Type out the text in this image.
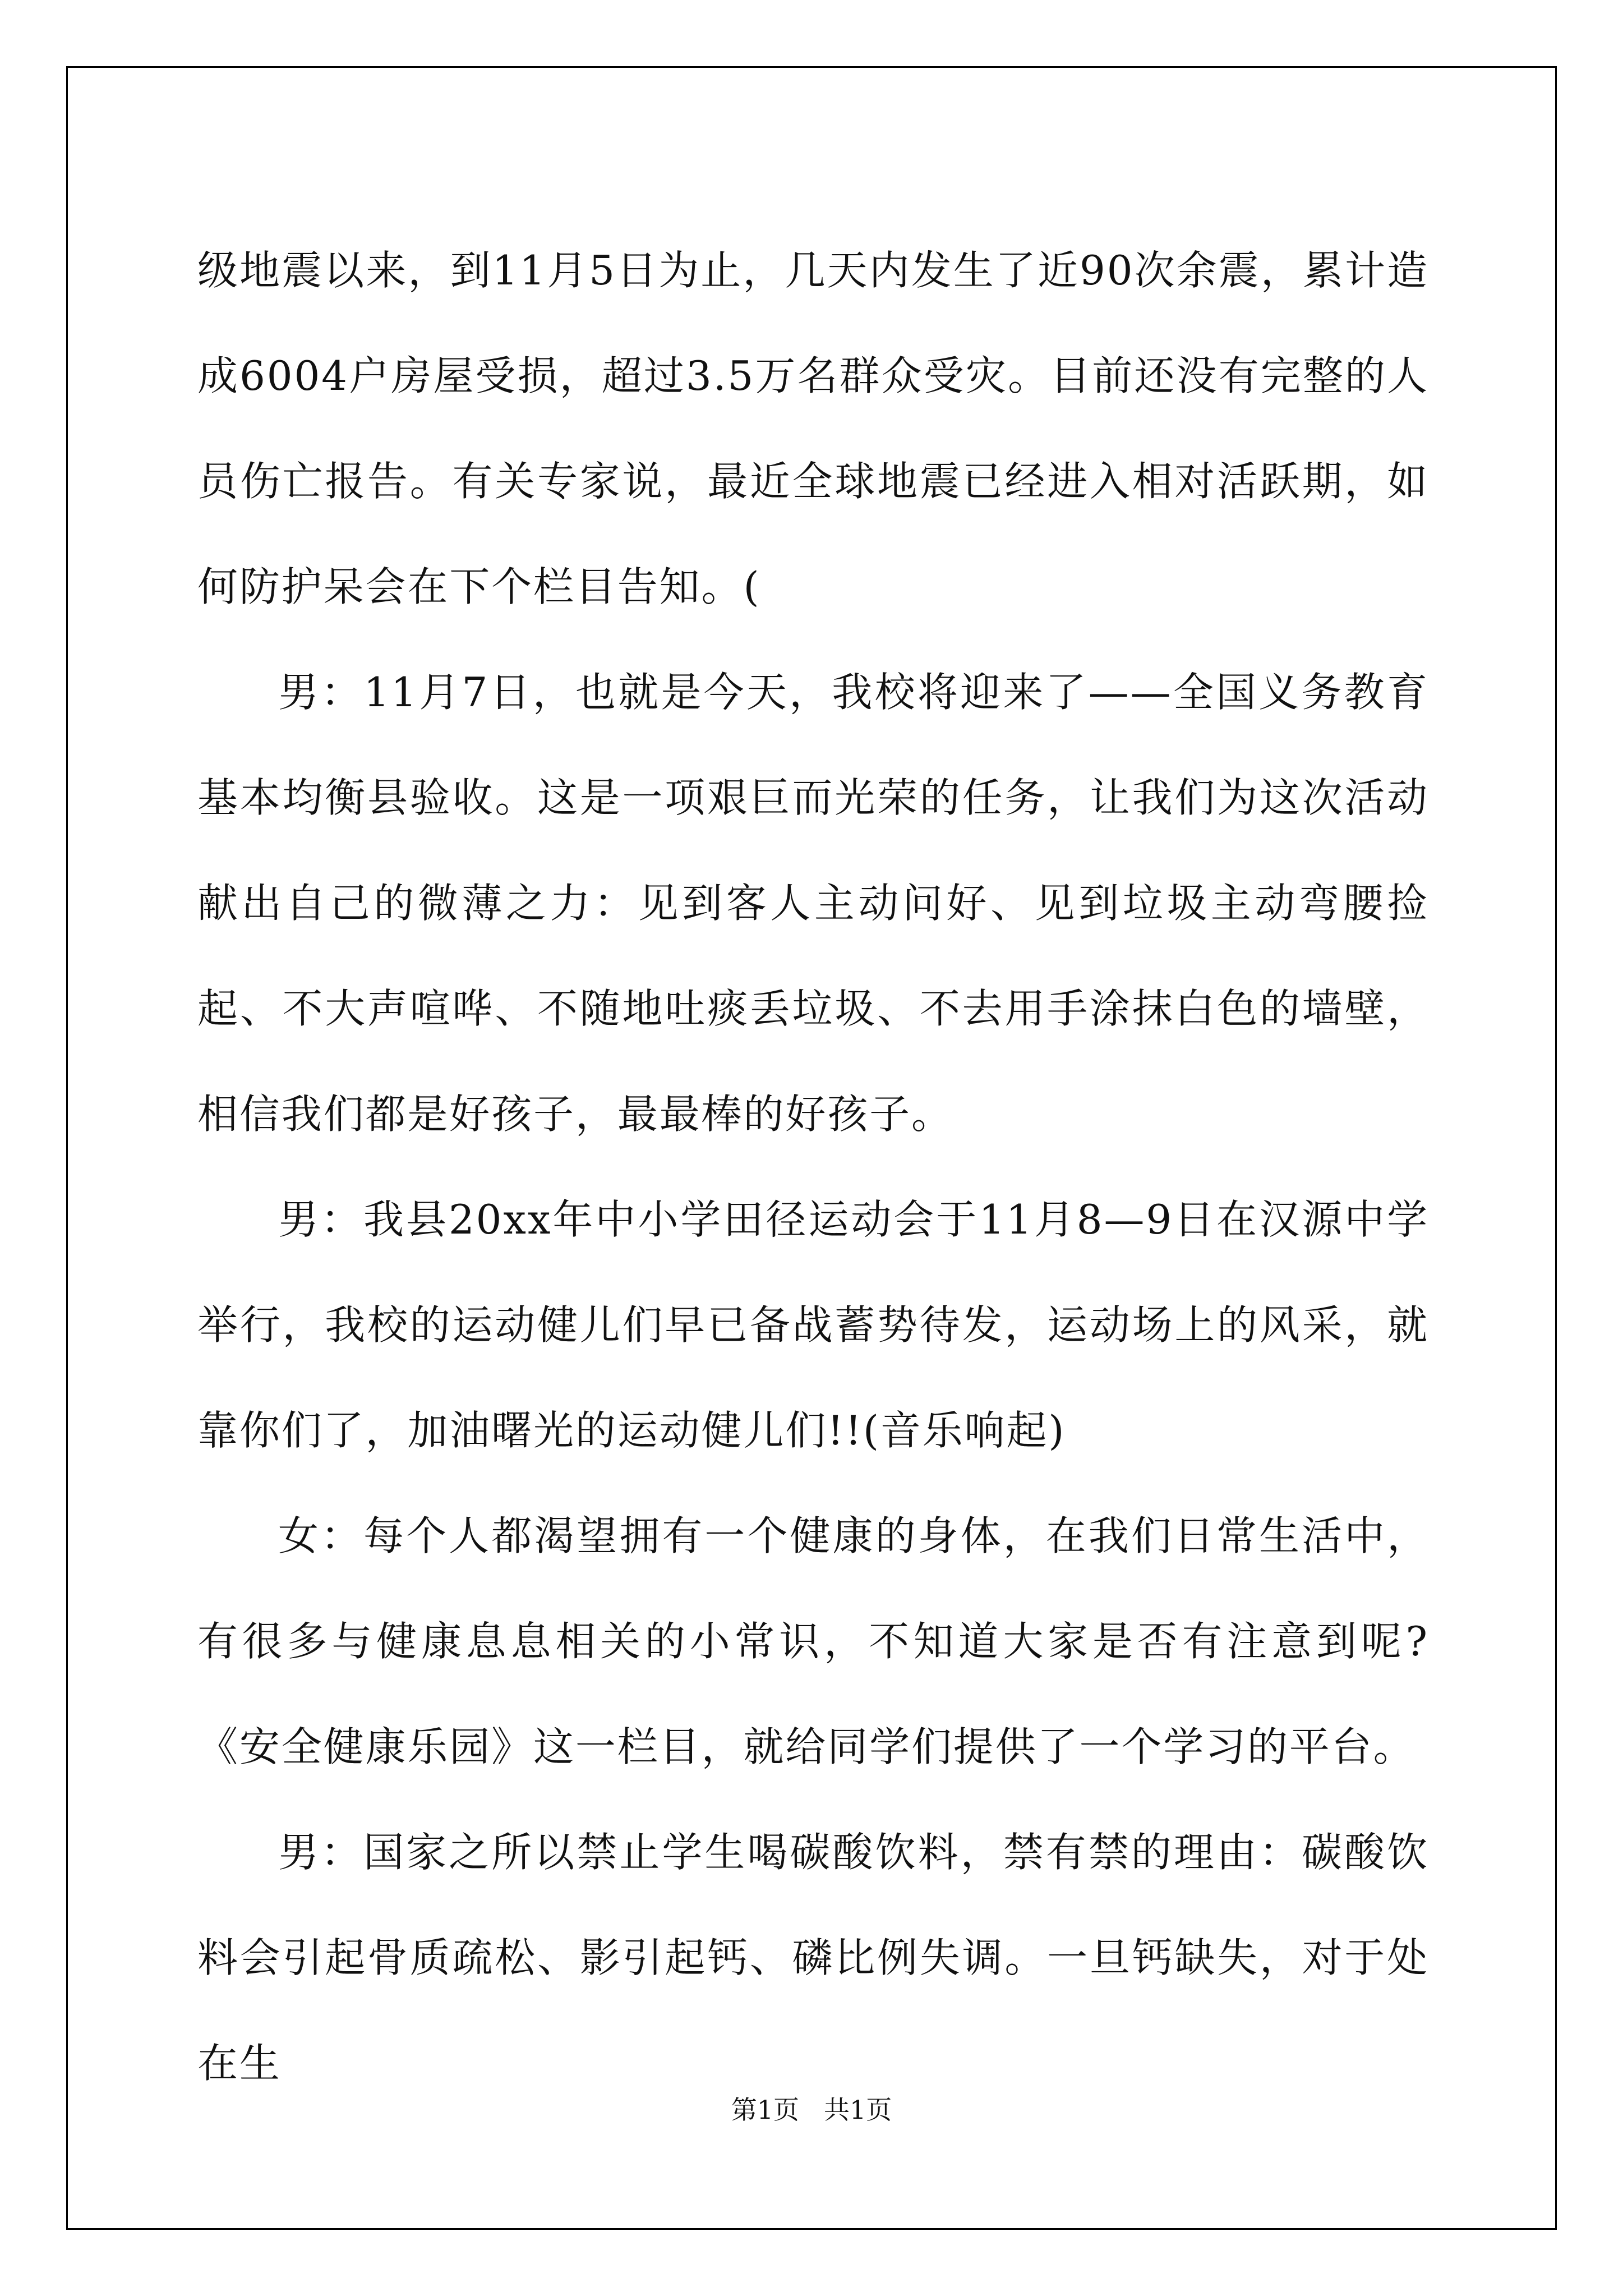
级地震以来，到11月5日为止，几天内发生了近90次余震，累计造成6004户房屋受损，超过3.5万名群众受灾。目前还没有完整的人员伤亡报告。有关专家说，最近全球地震已经进入相对活跃期，如何防护呆会在下个栏目告知。(

男：11月7日，也就是今天，我校将迎来了——全国义务教育基本均衡县验收。这是一项艰巨而光荣的任务，让我们为这次活动献出自己的微薄之力：见到客人主动问好、见到垃圾主动弯腰捡起、不大声喧哗、不随地吐痰丢垃圾、不去用手涂抹白色的墙壁，相信我们都是好孩子，最最棒的好孩子。

男：我县20xx年中小学田径运动会于11月8—9日在汉源中学举行，我校的运动健儿们早已备战蓄势待发，运动场上的风采，就靠你们了，加油曙光的运动健儿们!!(音乐响起)

女：每个人都渴望拥有一个健康的身体，在我们日常生活中，有很多与健康息息相关的小常识，不知道大家是否有注意到呢?《安全健康乐园》这一栏目，就给同学们提供了一个学习的平台。

男：国家之所以禁止学生喝碳酸饮料，禁有禁的理由：碳酸饮料会引起骨质疏松、影引起钙、磷比例失调。一旦钙缺失，对于处在生

第1页 共1页
